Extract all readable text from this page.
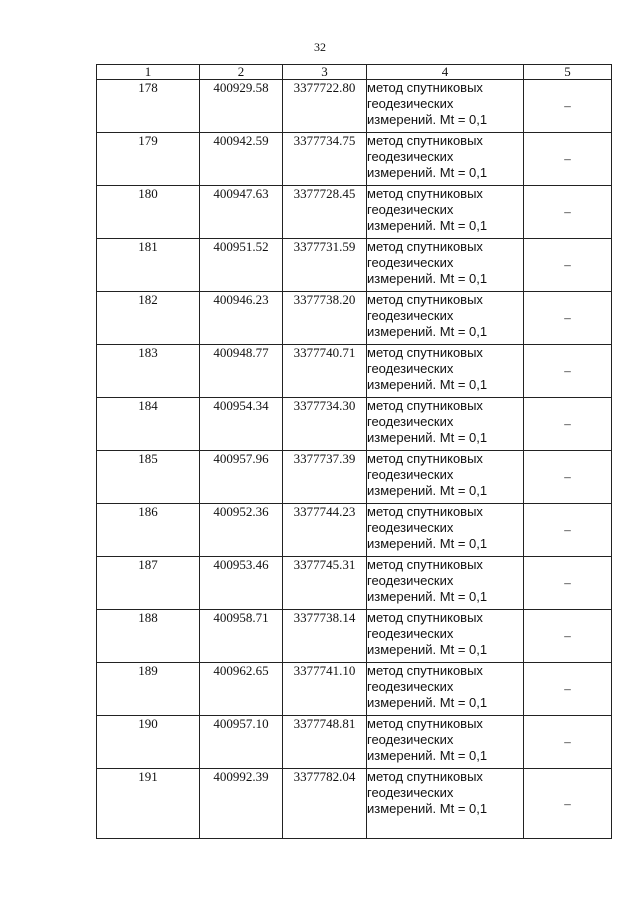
32
1	2	3	4	5
178	400929.58	3377722.80	метод спутниковых
геодезических
измерений. Mt = 0,1	–
179	400942.59	3377734.75	метод спутниковых
геодезических
измерений. Mt = 0,1	–
180	400947.63	3377728.45	метод спутниковых
геодезических
измерений. Mt = 0,1	–
181	400951.52	3377731.59	метод спутниковых
геодезических
измерений. Mt = 0,1	–
182	400946.23	3377738.20	метод спутниковых
геодезических
измерений. Mt = 0,1	–
183	400948.77	3377740.71	метод спутниковых
геодезических
измерений. Mt = 0,1	–
184	400954.34	3377734.30	метод спутниковых
геодезических
измерений. Mt = 0,1	–
185	400957.96	3377737.39	метод спутниковых
геодезических
измерений. Mt = 0,1	–
186	400952.36	3377744.23	метод спутниковых
геодезических
измерений. Mt = 0,1	–
187	400953.46	3377745.31	метод спутниковых
геодезических
измерений. Mt = 0,1	–
188	400958.71	3377738.14	метод спутниковых
геодезических
измерений. Mt = 0,1	–
189	400962.65	3377741.10	метод спутниковых
геодезических
измерений. Mt = 0,1	–
190	400957.10	3377748.81	метод спутниковых
геодезических
измерений. Mt = 0,1	–
191	400992.39	3377782.04	метод спутниковых
геодезических
измерений. Mt = 0,1	–
